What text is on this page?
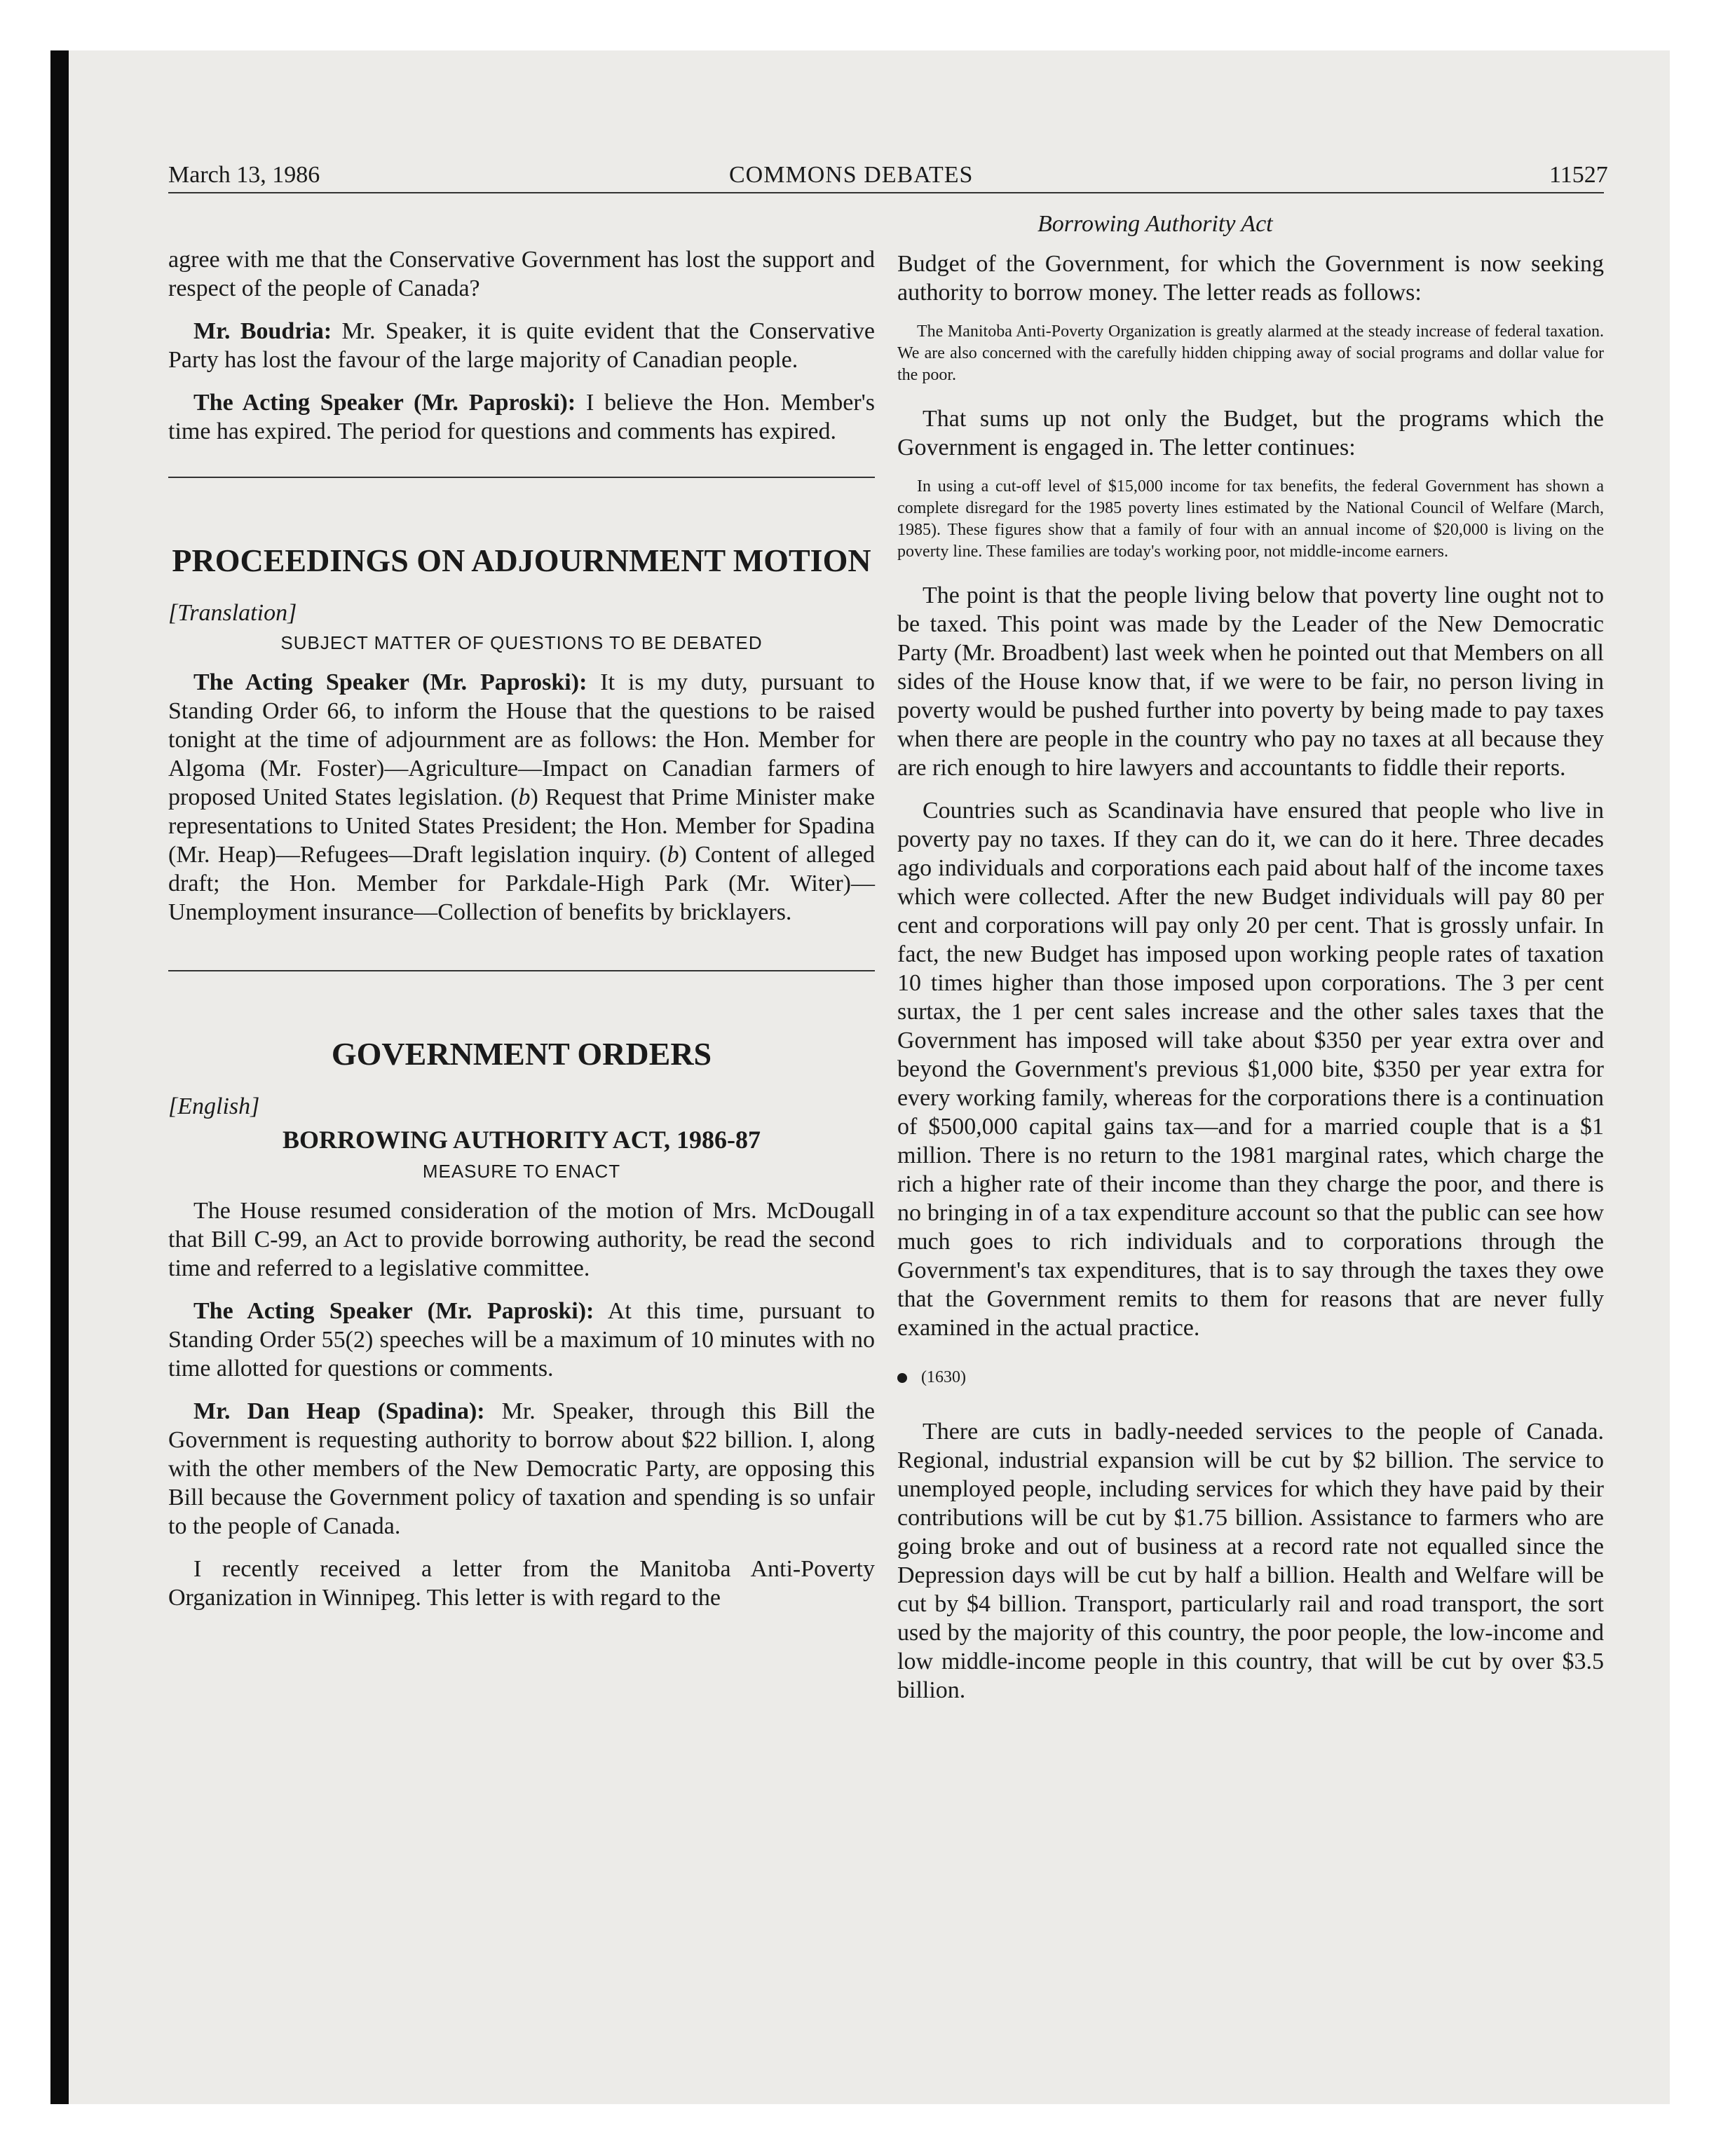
March 13, 1986	COMMONS DEBATES	11527

Borrowing Authority Act

agree with me that the Conservative Government has lost the support and respect of the people of Canada?

Mr. Boudria: Mr. Speaker, it is quite evident that the Conservative Party has lost the favour of the large majority of Canadian people.

The Acting Speaker (Mr. Paproski): I believe the Hon. Member's time has expired. The period for questions and comments has expired.

PROCEEDINGS ON ADJOURNMENT MOTION

[Translation]

SUBJECT MATTER OF QUESTIONS TO BE DEBATED

The Acting Speaker (Mr. Paproski): It is my duty, pursuant to Standing Order 66, to inform the House that the questions to be raised tonight at the time of adjournment are as follows: the Hon. Member for Algoma (Mr. Foster)—Agriculture—Impact on Canadian farmers of proposed United States legislation. (b) Request that Prime Minister make representations to United States President; the Hon. Member for Spadina (Mr. Heap)—Refugees—Draft legislation inquiry. (b) Content of alleged draft; the Hon. Member for Parkdale-High Park (Mr. Witer)—Unemployment insurance—Collection of benefits by bricklayers.

GOVERNMENT ORDERS

[English]

BORROWING AUTHORITY ACT, 1986-87

MEASURE TO ENACT

The House resumed consideration of the motion of Mrs. McDougall that Bill C-99, an Act to provide borrowing authority, be read the second time and referred to a legislative committee.

The Acting Speaker (Mr. Paproski): At this time, pursuant to Standing Order 55(2) speeches will be a maximum of 10 minutes with no time allotted for questions or comments.

Mr. Dan Heap (Spadina): Mr. Speaker, through this Bill the Government is requesting authority to borrow about $22 billion. I, along with the other members of the New Democratic Party, are opposing this Bill because the Government policy of taxation and spending is so unfair to the people of Canada.

I recently received a letter from the Manitoba Anti-Poverty Organization in Winnipeg. This letter is with regard to the

Budget of the Government, for which the Government is now seeking authority to borrow money. The letter reads as follows:

The Manitoba Anti-Poverty Organization is greatly alarmed at the steady increase of federal taxation. We are also concerned with the carefully hidden chipping away of social programs and dollar value for the poor.

That sums up not only the Budget, but the programs which the Government is engaged in. The letter continues:

In using a cut-off level of $15,000 income for tax benefits, the federal Government has shown a complete disregard for the 1985 poverty lines estimated by the National Council of Welfare (March, 1985). These figures show that a family of four with an annual income of $20,000 is living on the poverty line. These families are today's working poor, not middle-income earners.

The point is that the people living below that poverty line ought not to be taxed. This point was made by the Leader of the New Democratic Party (Mr. Broadbent) last week when he pointed out that Members on all sides of the House know that, if we were to be fair, no person living in poverty would be pushed further into poverty by being made to pay taxes when there are people in the country who pay no taxes at all because they are rich enough to hire lawyers and accountants to fiddle their reports.

Countries such as Scandinavia have ensured that people who live in poverty pay no taxes. If they can do it, we can do it here. Three decades ago individuals and corporations each paid about half of the income taxes which were collected. After the new Budget individuals will pay 80 per cent and corporations will pay only 20 per cent. That is grossly unfair. In fact, the new Budget has imposed upon working people rates of taxation 10 times higher than those imposed upon corporations. The 3 per cent surtax, the 1 per cent sales increase and the other sales taxes that the Government has imposed will take about $350 per year extra over and beyond the Government's previous $1,000 bite, $350 per year extra for every working family, whereas for the corporations there is a continuation of $500,000 capital gains tax—and for a married couple that is a $1 million. There is no return to the 1981 marginal rates, which charge the rich a higher rate of their income than they charge the poor, and there is no bringing in of a tax expenditure account so that the public can see how much goes to rich individuals and to corporations through the Government's tax expenditures, that is to say through the taxes they owe that the Government remits to them for reasons that are never fully examined in the actual practice.

(1630)

There are cuts in badly-needed services to the people of Canada. Regional, industrial expansion will be cut by $2 billion. The service to unemployed people, including services for which they have paid by their contributions will be cut by $1.75 billion. Assistance to farmers who are going broke and out of business at a record rate not equalled since the Depression days will be cut by half a billion. Health and Welfare will be cut by $4 billion. Transport, particularly rail and road transport, the sort used by the majority of this country, the poor people, the low-income and low middle-income people in this country, that will be cut by over $3.5 billion.
